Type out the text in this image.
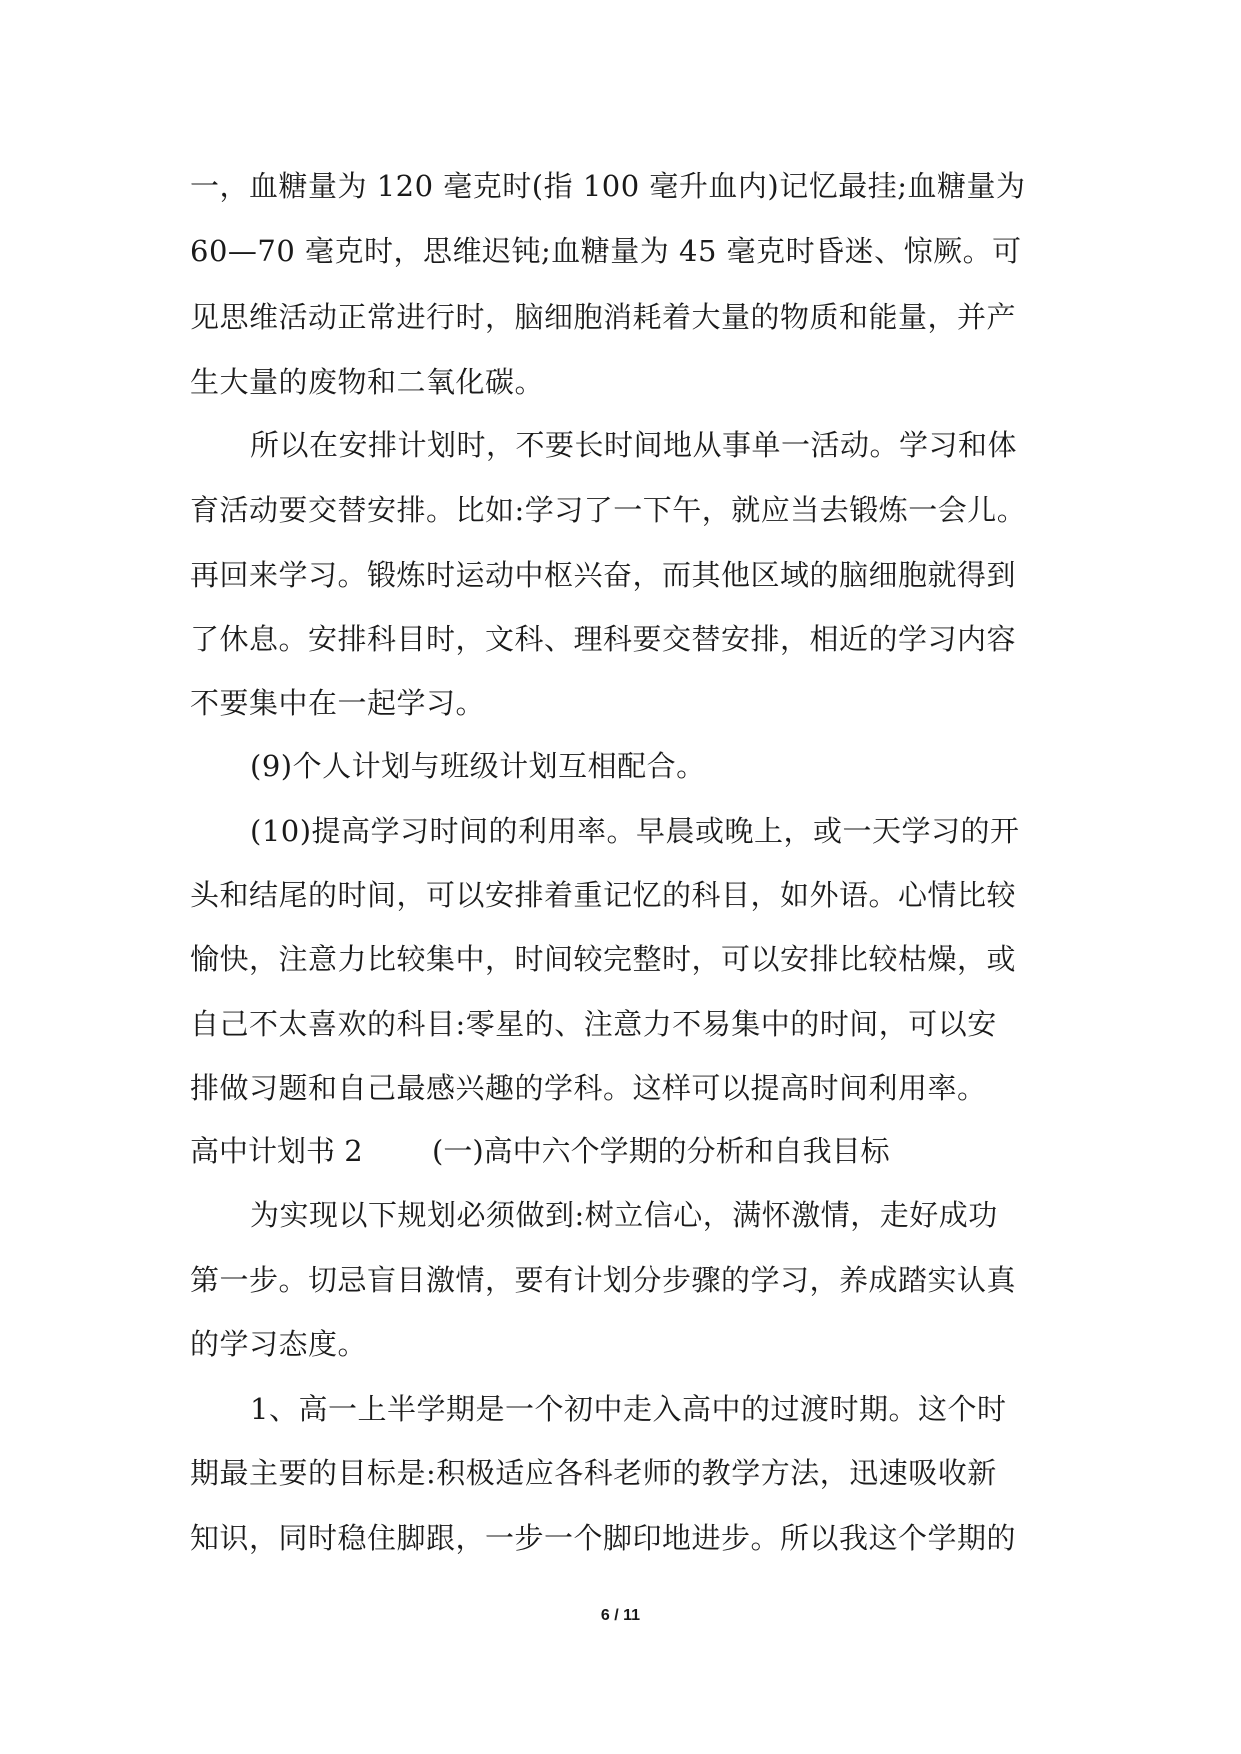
一，血糖量为 120 毫克时(指 100 毫升血内)记忆最挂;血糖量为
60—70 毫克时，思维迟钝;血糖量为 45 毫克时昏迷、惊厥。可
见思维活动正常进行时，脑细胞消耗着大量的物质和能量，并产
生大量的废物和二氧化碳。
所以在安排计划时，不要长时间地从事单一活动。学习和体
育活动要交替安排。比如:学习了一下午，就应当去锻炼一会儿。
再回来学习。锻炼时运动中枢兴奋，而其他区域的脑细胞就得到
了休息。安排科目时，文科、理科要交替安排，相近的学习内容
不要集中在一起学习。
(9)个人计划与班级计划互相配合。
(10)提高学习时间的利用率。早晨或晚上，或一天学习的开
头和结尾的时间，可以安排着重记忆的科目，如外语。心情比较
愉快，注意力比较集中，时间较完整时，可以安排比较枯燥，或
自己不太喜欢的科目:零星的、注意力不易集中的时间，可以安
排做习题和自己最感兴趣的学科。这样可以提高时间利用率。
高中计划书 2 (一)高中六个学期的分析和自我目标
为实现以下规划必须做到:树立信心，满怀激情，走好成功
第一步。切忌盲目激情，要有计划分步骤的学习，养成踏实认真
的学习态度。
1、高一上半学期是一个初中走入高中的过渡时期。这个时
期最主要的目标是:积极适应各科老师的教学方法，迅速吸收新
知识，同时稳住脚跟，一步一个脚印地进步。所以我这个学期的
6 / 11
